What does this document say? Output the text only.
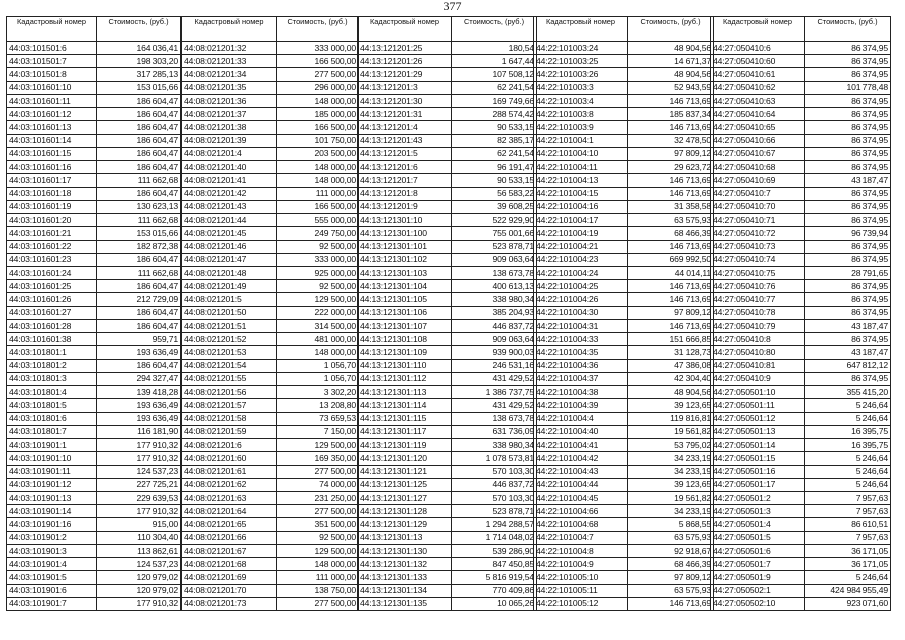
377
Кадастровый номер	Стоимость, (руб.)
44:03:101501:6	164 036,41
44:03:101501:7	198 303,20
44:03:101501:8	317 285,13
44:03:101601:10	153 015,66
44:03:101601:11	186 604,47
44:03:101601:12	186 604,47
44:03:101601:13	186 604,47
44:03:101601:14	186 604,47
44:03:101601:15	186 604,47
44:03:101601:16	186 604,47
44:03:101601:17	111 662,68
44:03:101601:18	186 604,47
44:03:101601:19	130 623,13
44:03:101601:20	111 662,68
44:03:101601:21	153 015,66
44:03:101601:22	182 872,38
44:03:101601:23	186 604,47
44:03:101601:24	111 662,68
44:03:101601:25	186 604,47
44:03:101601:26	212 729,09
44:03:101601:27	186 604,47
44:03:101601:28	186 604,47
44:03:101601:38	959,71
44:03:101801:1	193 636,49
44:03:101801:2	186 604,47
44:03:101801:3	294 327,47
44:03:101801:4	139 418,28
44:03:101801:5	193 636,49
44:03:101801:6	193 636,49
44:03:101801:7	116 181,90
44:03:101901:1	177 910,32
44:03:101901:10	177 910,32
44:03:101901:11	124 537,23
44:03:101901:12	227 725,21
44:03:101901:13	229 639,53
44:03:101901:14	177 910,32
44:03:101901:16	915,00
44:03:101901:2	110 304,40
44:03:101901:3	113 862,61
44:03:101901:4	124 537,23
44:03:101901:5	120 979,02
44:03:101901:6	120 979,02
44:03:101901:7	177 910,32
Кадастровый номер	Стоимость, (руб.)
44:08:021201:32	333 000,00
44:08:021201:33	166 500,00
44:08:021201:34	277 500,00
44:08:021201:35	296 000,00
44:08:021201:36	148 000,00
44:08:021201:37	185 000,00
44:08:021201:38	166 500,00
44:08:021201:39	101 750,00
44:08:021201:4	203 500,00
44:08:021201:40	148 000,00
44:08:021201:41	148 000,00
44:08:021201:42	111 000,00
44:08:021201:43	166 500,00
44:08:021201:44	555 000,00
44:08:021201:45	249 750,00
44:08:021201:46	92 500,00
44:08:021201:47	333 000,00
44:08:021201:48	925 000,00
44:08:021201:49	92 500,00
44:08:021201:5	129 500,00
44:08:021201:50	222 000,00
44:08:021201:51	314 500,00
44:08:021201:52	481 000,00
44:08:021201:53	148 000,00
44:08:021201:54	1 056,70
44:08:021201:55	1 056,70
44:08:021201:56	3 302,20
44:08:021201:57	13 208,80
44:08:021201:58	73 659,53
44:08:021201:59	7 150,00
44:08:021201:6	129 500,00
44:08:021201:60	169 350,00
44:08:021201:61	277 500,00
44:08:021201:62	74 000,00
44:08:021201:63	231 250,00
44:08:021201:64	277 500,00
44:08:021201:65	351 500,00
44:08:021201:66	92 500,00
44:08:021201:67	129 500,00
44:08:021201:68	148 000,00
44:08:021201:69	111 000,00
44:08:021201:70	138 750,00
44:08:021201:73	277 500,00
Кадастровый номер	Стоимость, (руб.)
44:13:121201:25	180,54
44:13:121201:26	1 647,44
44:13:121201:29	107 508,12
44:13:121201:3	62 241,54
44:13:121201:30	169 749,66
44:13:121201:31	288 574,42
44:13:121201:4	90 533,15
44:13:121201:43	82 385,17
44:13:121201:5	62 241,54
44:13:121201:6	96 191,47
44:13:121201:7	90 533,15
44:13:121201:8	56 583,22
44:13:121201:9	39 608,25
44:13:121301:10	522 929,90
44:13:121301:100	755 001,66
44:13:121301:101	523 878,71
44:13:121301:102	909 063,64
44:13:121301:103	138 673,78
44:13:121301:104	400 613,13
44:13:121301:105	338 980,34
44:13:121301:106	385 204,93
44:13:121301:107	446 837,72
44:13:121301:108	909 063,64
44:13:121301:109	939 900,03
44:13:121301:110	246 531,16
44:13:121301:112	431 429,52
44:13:121301:113	1 386 737,75
44:13:121301:114	431 429,52
44:13:121301:115	138 673,78
44:13:121301:117	631 736,09
44:13:121301:119	338 980,34
44:13:121301:120	1 078 573,81
44:13:121301:121	570 103,30
44:13:121301:125	446 837,72
44:13:121301:127	570 103,30
44:13:121301:128	523 878,71
44:13:121301:129	1 294 288,57
44:13:121301:13	1 714 048,02
44:13:121301:130	539 286,90
44:13:121301:132	847 450,85
44:13:121301:133	5 816 919,54
44:13:121301:134	770 409,86
44:13:121301:135	10 065,26
Кадастровый номер	Стоимость, (руб.)
44:22:101003:24	48 904,56
44:22:101003:25	14 671,37
44:22:101003:26	48 904,56
44:22:101003:3	52 943,59
44:22:101003:4	146 713,69
44:22:101003:8	185 837,34
44:22:101003:9	146 713,69
44:22:101004:1	32 478,50
44:22:101004:10	97 809,12
44:22:101004:11	29 623,72
44:22:101004:13	146 713,69
44:22:101004:15	146 713,69
44:22:101004:16	31 358,58
44:22:101004:17	63 575,93
44:22:101004:19	68 466,39
44:22:101004:21	146 713,69
44:22:101004:23	669 992,50
44:22:101004:24	44 014,11
44:22:101004:25	146 713,69
44:22:101004:26	146 713,69
44:22:101004:30	97 809,12
44:22:101004:31	146 713,69
44:22:101004:33	151 666,85
44:22:101004:35	31 128,73
44:22:101004:36	47 386,08
44:22:101004:37	42 304,40
44:22:101004:38	48 904,56
44:22:101004:39	39 123,65
44:22:101004:4	119 816,81
44:22:101004:40	19 561,82
44:22:101004:41	53 795,02
44:22:101004:42	34 233,19
44:22:101004:43	34 233,19
44:22:101004:44	39 123,65
44:22:101004:45	19 561,82
44:22:101004:66	34 233,19
44:22:101004:68	5 868,55
44:22:101004:7	63 575,93
44:22:101004:8	92 918,67
44:22:101004:9	68 466,39
44:22:101005:10	97 809,12
44:22:101005:11	63 575,93
44:22:101005:12	146 713,69
Кадастровый номер	Стоимость, (руб.)
44:27:050410:6	86 374,95
44:27:050410:60	86 374,95
44:27:050410:61	86 374,95
44:27:050410:62	101 778,48
44:27:050410:63	86 374,95
44:27:050410:64	86 374,95
44:27:050410:65	86 374,95
44:27:050410:66	86 374,95
44:27:050410:67	86 374,95
44:27:050410:68	86 374,95
44:27:050410:69	43 187,47
44:27:050410:7	86 374,95
44:27:050410:70	86 374,95
44:27:050410:71	86 374,95
44:27:050410:72	96 739,94
44:27:050410:73	86 374,95
44:27:050410:74	86 374,95
44:27:050410:75	28 791,65
44:27:050410:76	86 374,95
44:27:050410:77	86 374,95
44:27:050410:78	86 374,95
44:27:050410:79	43 187,47
44:27:050410:8	86 374,95
44:27:050410:80	43 187,47
44:27:050410:81	647 812,12
44:27:050410:9	86 374,95
44:27:050501:10	355 415,20
44:27:050501:11	5 246,64
44:27:050501:12	5 246,64
44:27:050501:13	16 395,75
44:27:050501:14	16 395,75
44:27:050501:15	5 246,64
44:27:050501:16	5 246,64
44:27:050501:17	5 246,64
44:27:050501:2	7 957,63
44:27:050501:3	7 957,63
44:27:050501:4	86 610,51
44:27:050501:5	7 957,63
44:27:050501:6	36 171,05
44:27:050501:7	36 171,05
44:27:050501:9	5 246,64
44:27:050502:1	424 984 955,49
44:27:050502:10	923 071,60
